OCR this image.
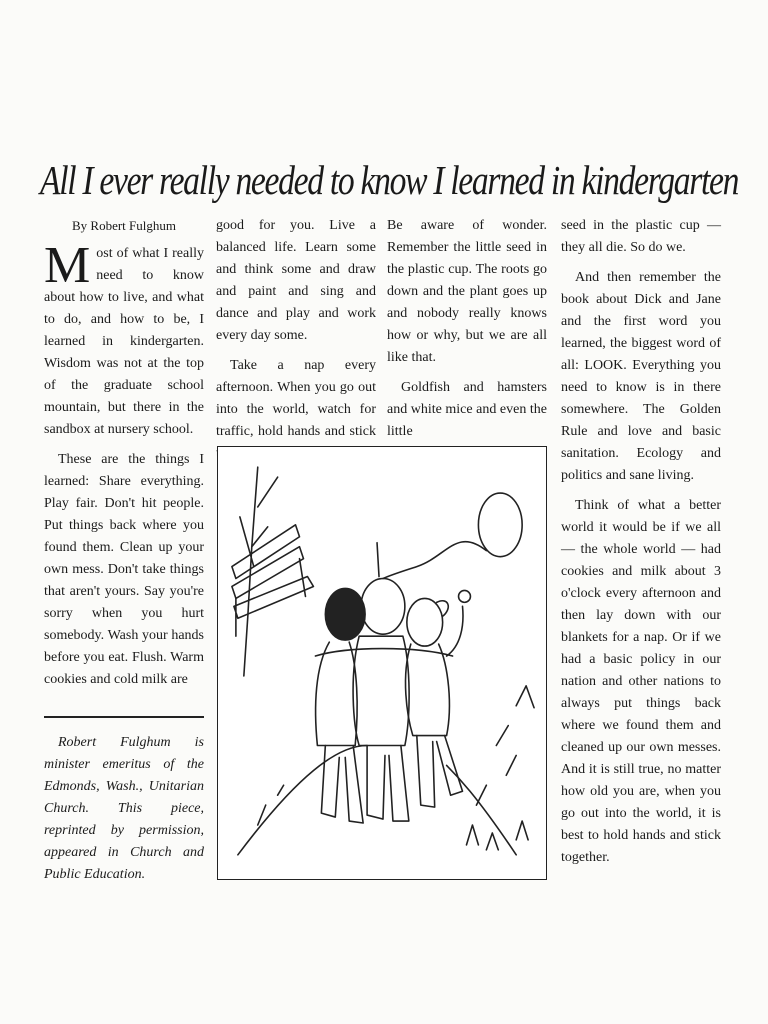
All I ever really needed to know I learned in kindergarten
By Robert Fulghum

Most of what I really need to know about how to live, and what to do, and how to be, I learned in kindergarten. Wisdom was not at the top of the graduate school mountain, but there in the sandbox at nursery school.

These are the things I learned: Share everything. Play fair. Don't hit people. Put things back where you found them. Clean up your own mess. Don't take things that aren't yours. Say you're sorry when you hurt somebody. Wash your hands before you eat. Flush. Warm cookies and cold milk are

good for you. Live a balanced life. Learn some and think some and draw and paint and sing and dance and play and work every day some.

Take a nap every afternoon. When you go out into the world, watch for traffic, hold hands and stick

Be aware of wonder. Remember the little seed in the plastic cup. The roots go down and the plant goes up and nobody really knows how or why, but we are all like that.

Goldfish and hamsters and white mice and even the little

seed in the plastic cup — they all die. So do we.

And then remember the book about Dick and Jane and the first word you learned, the biggest word of all: LOOK. Everything you need to know is in there somewhere. The Golden Rule and love and basic sanitation. Ecology and politics and sane living.

Think of what a better world it would be if we all — the whole world — had cookies and milk about 3 o'clock every afternoon and then lay down with our blankets for a nap. Or if we had a basic policy in our nation and other nations to always put things back where we found them and cleaned up our own messes. And it is still true, no matter how old you are, when you go out into the world, it is best to hold hands and stick together.

Robert Fulghum is minister emeritus of the Edmonds, Wash., Unitarian Church. This piece, reprinted by permission, appeared in Church and Public Education.
